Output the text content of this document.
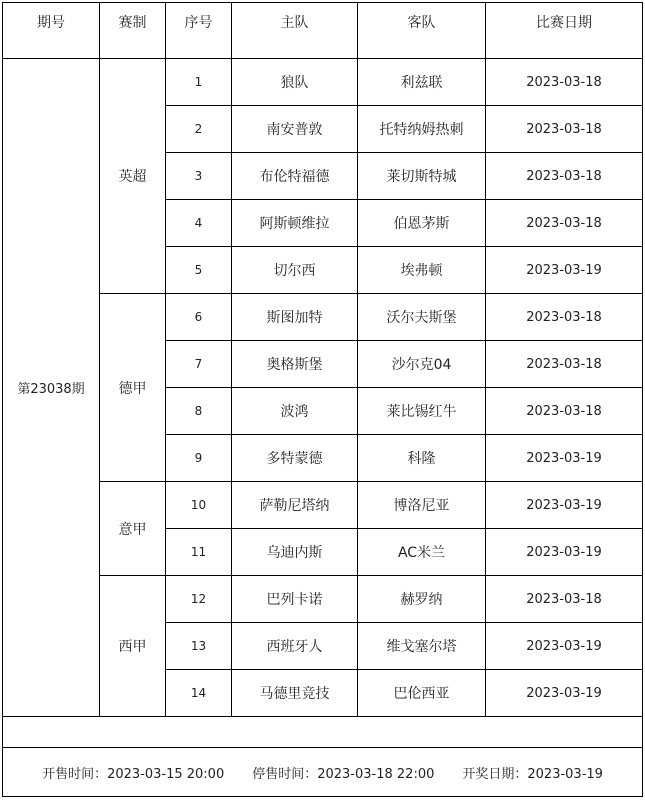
期号	赛制	序号	主队	客队	比赛日期
第23038期	英超	1	狼队	利兹联	2023-03-18
		2	南安普敦	托特纳姆热刺	2023-03-18
		3	布伦特福德	莱切斯特城	2023-03-18
		4	阿斯顿维拉	伯恩茅斯	2023-03-18
		5	切尔西	埃弗顿	2023-03-19
	德甲	6	斯图加特	沃尔夫斯堡	2023-03-18
		7	奥格斯堡	沙尔克04	2023-03-18
		8	波鸿	莱比锡红牛	2023-03-18
		9	多特蒙德	科隆	2023-03-19
	意甲	10	萨勒尼塔纳	博洛尼亚	2023-03-19
		11	乌迪内斯	AC米兰	2023-03-19
	西甲	12	巴列卡诺	赫罗纳	2023-03-18
		13	西班牙人	维戈塞尔塔	2023-03-19
		14	马德里竞技	巴伦西亚	2023-03-19

开售时间：2023-03-15 20:00 停售时间：2023-03-18 22:00 开奖日期：2023-03-19					
